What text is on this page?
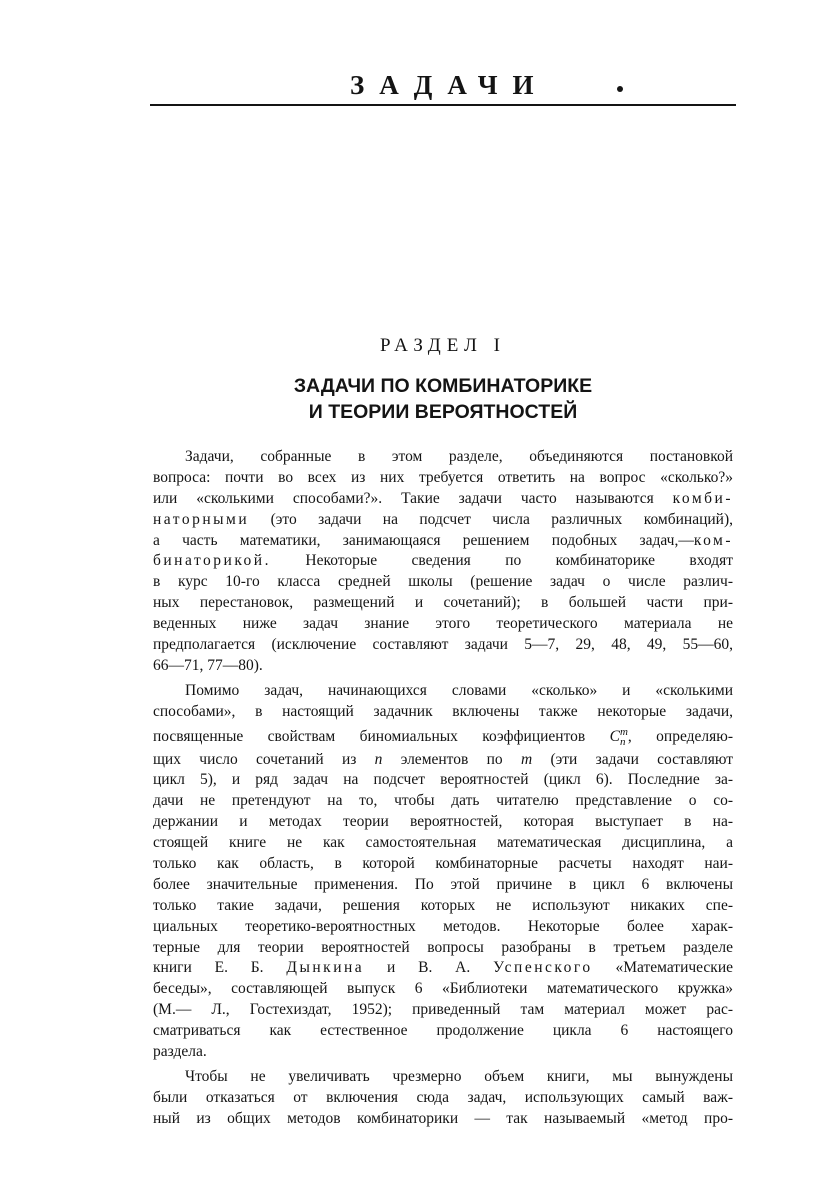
ЗАДАЧИ
РАЗДЕЛ I
ЗАДАЧИ ПО КОМБИНАТОРИКЕ
И ТЕОРИИ ВЕРОЯТНОСТЕЙ
Задачи, собранные в этом разделе, объединяются постановкой
вопроса: почти во всех из них требуется ответить на вопрос «сколько?»
или «сколькими способами?». Такие задачи часто называются комби-
наторными (это задачи на подсчет числа различных комбинаций),
а часть математики, занимающаяся решением подобных задач,—ком-
бинаторикой. Некоторые сведения по комбинаторике входят
в курс 10-го класса средней школы (решение задач о числе различ-
ных перестановок, размещений и сочетаний); в большей части при-
веденных ниже задач знание этого теоретического материала не
предполагается (исключение составляют задачи 5—7, 29, 48, 49, 55—60,
66—71, 77—80).
Помимо задач, начинающихся словами «сколько» и «сколькими
способами», в настоящий задачник включены также некоторые задачи,
посвященные свойствам биномиальных коэффициентов C m
n , определяю-
щих число сочетаний из n элементов по m (эти задачи составляют
цикл 5), и ряд задач на подсчет вероятностей (цикл 6). Последние за-
дачи не претендуют на то, чтобы дать читателю представление о со-
держании и методах теории вероятностей, которая выступает в на-
стоящей книге не как самостоятельная математическая дисциплина, а
только как область, в которой комбинаторные расчеты находят наи-
более значительные применения. По этой причине в цикл 6 включены
только такие задачи, решения которых не используют никаких спе-
циальных теоретико-вероятностных методов. Некоторые более харак-
терные для теории вероятностей вопросы разобраны в третьем разделе
книги Е. Б. Дынкина и В. А. Успенского «Математические
беседы», составляющей выпуск 6 «Библиотеки математического кружка»
(М.— Л., Гостехиздат, 1952); приведенный там материал может рас-
сматриваться как естественное продолжение цикла 6 настоящего
раздела.
Чтобы не увеличивать чрезмерно объем книги, мы вынуждены
были отказаться от включения сюда задач, использующих самый важ-
ный из общих методов комбинаторики — так называемый «метод про-
